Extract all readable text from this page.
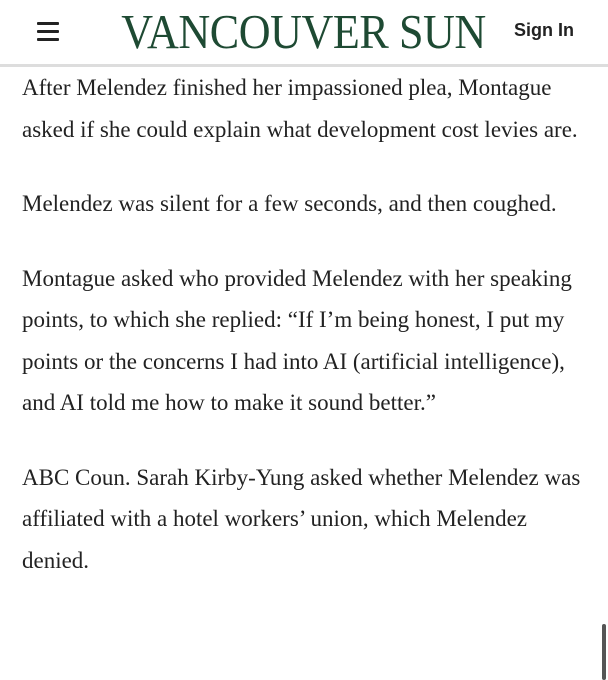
VANCOUVER SUN	Sign In

After Melendez finished her impassioned plea, Montague asked if she could explain what development cost levies are.

Melendez was silent for a few seconds, and then coughed.

Montague asked who provided Melendez with her speaking points, to which she replied: “If I’m being honest, I put my points or the concerns I had into AI (artificial intelligence), and AI told me how to make it sound better.”

ABC Coun. Sarah Kirby-Yung asked whether Melendez was affiliated with a hotel workers’ union, which Melendez denied.
